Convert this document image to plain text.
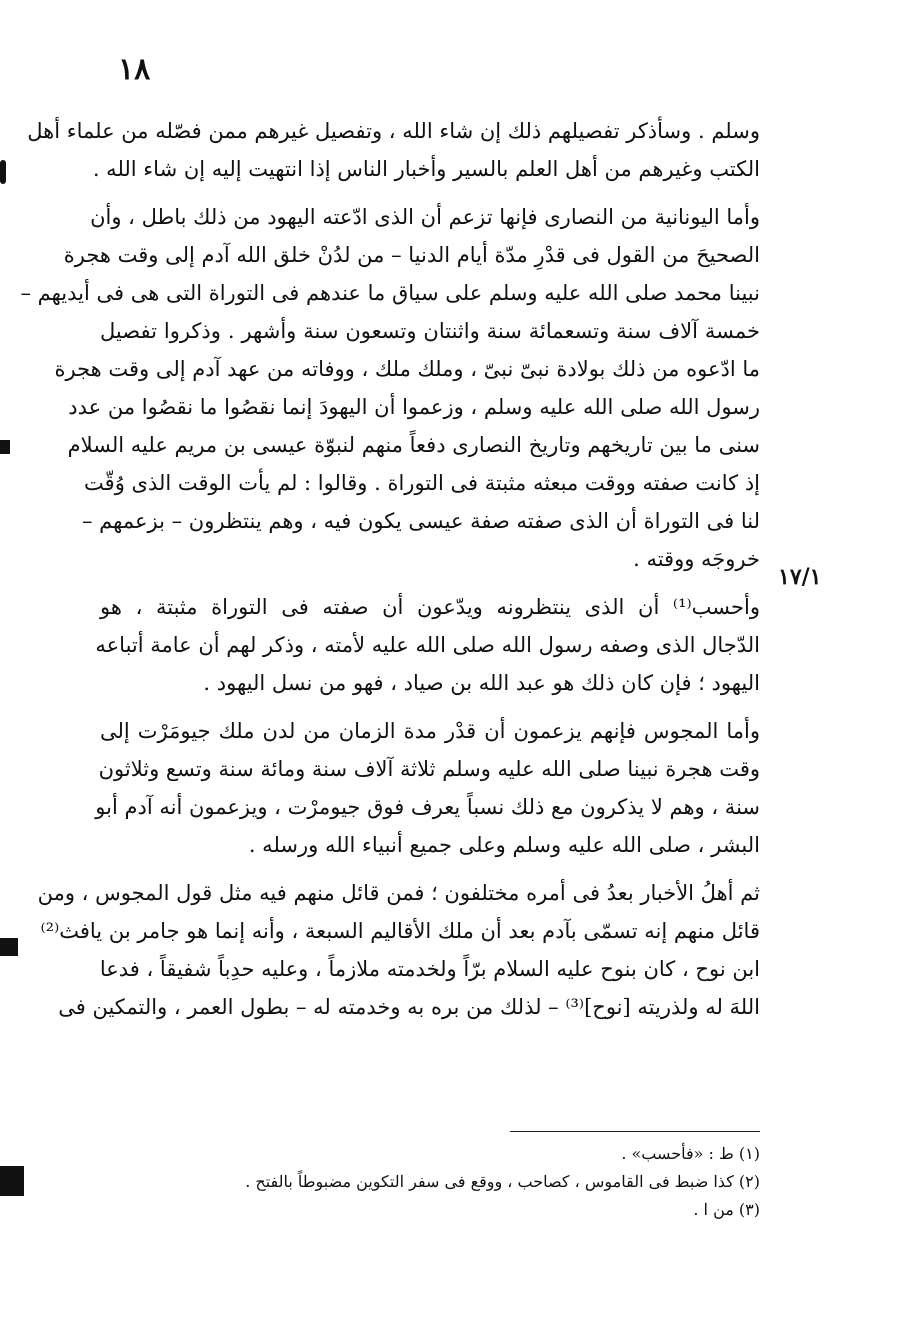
١٨
١٧/١
وسلم . وسأذكر تفصيلهم ذلك إن شاء الله ، وتفصيل غيرهم ممن فصّله من علماء أهل
الكتب وغيرهم من أهل العلم بالسير وأخبار الناس إذا انتهيت إليه إن شاء الله .
وأما اليونانية من النصارى فإنها تزعم أن الذى ادّعته اليهود من ذلك باطل ، وأن
الصحيحَ من القول فى قدْرِ مدّة أيام الدنيا – من لدُنْ خلق الله آدم إلى وقت هجرة
نبينا محمد صلى الله عليه وسلم على سياق ما عندهم فى التوراة التى هى فى أيديهم –
خمسة آلاف سنة وتسعمائة سنة واثنتان وتسعون سنة وأشهر . وذكروا تفصيل
ما ادّعوه من ذلك بولادة نبىّ نبىّ ، وملك ملك ، ووفاته من عهد آدم إلى وقت هجرة
رسول الله صلى الله عليه وسلم ، وزعموا أن اليهودَ إنما نقصُوا ما نقصُوا من عدد
سنى ما بين تاريخهم وتاريخ النصارى دفعاً منهم لنبوّة عيسى بن مريم عليه السلام
إذ كانت صفته ووقت مبعثه مثبتة فى التوراة . وقالوا : لم يأت الوقت الذى وُقّت
لنا فى التوراة أن الذى صفته صفة عيسى يكون فيه ، وهم ينتظرون – بزعمهم –
خروجَه ووقته .
وأحسب⁽¹⁾ أن الذى ينتظرونه ويدّعون أن صفته فى التوراة مثبتة ، هو
الدّجال الذى وصفه رسول الله صلى الله عليه لأمته ، وذكر لهم أن عامة أتباعه
اليهود ؛ فإن كان ذلك هو عبد الله بن صياد ، فهو من نسل اليهود .
وأما المجوس فإنهم يزعمون أن قدْر مدة الزمان من لدن ملك جيومَرْت إلى
وقت هجرة نبينا صلى الله عليه وسلم ثلاثة آلاف سنة ومائة سنة وتسع وثلاثون
سنة ، وهم لا يذكرون مع ذلك نسباً يعرف فوق جيومرْت ، ويزعمون أنه آدم أبو
البشر ، صلى الله عليه وسلم وعلى جميع أنبياء الله ورسله .
ثم أهلُ الأخبار بعدُ فى أمره مختلفون ؛ فمن قائل منهم فيه مثل قول المجوس ، ومن
قائل منهم إنه تسمّى بآدم بعد أن ملك الأقاليم السبعة ، وأنه إنما هو جامر بن يافث⁽²⁾
ابن نوح ، كان بنوح عليه السلام برّاً ولخدمته ملازماً ، وعليه حدِباً شفيقاً ، فدعا
اللهَ له ولذريته [نوح]⁽³⁾ – لذلك من بره به وخدمته له – بطول العمر ، والتمكين فى
(١) ط : «فأحسب» .
(٢) كذا ضبط فى القاموس ، كصاحب ، ووقع فى سفر التكوين مضبوطاً بالفتح .
(٣) من ا .
